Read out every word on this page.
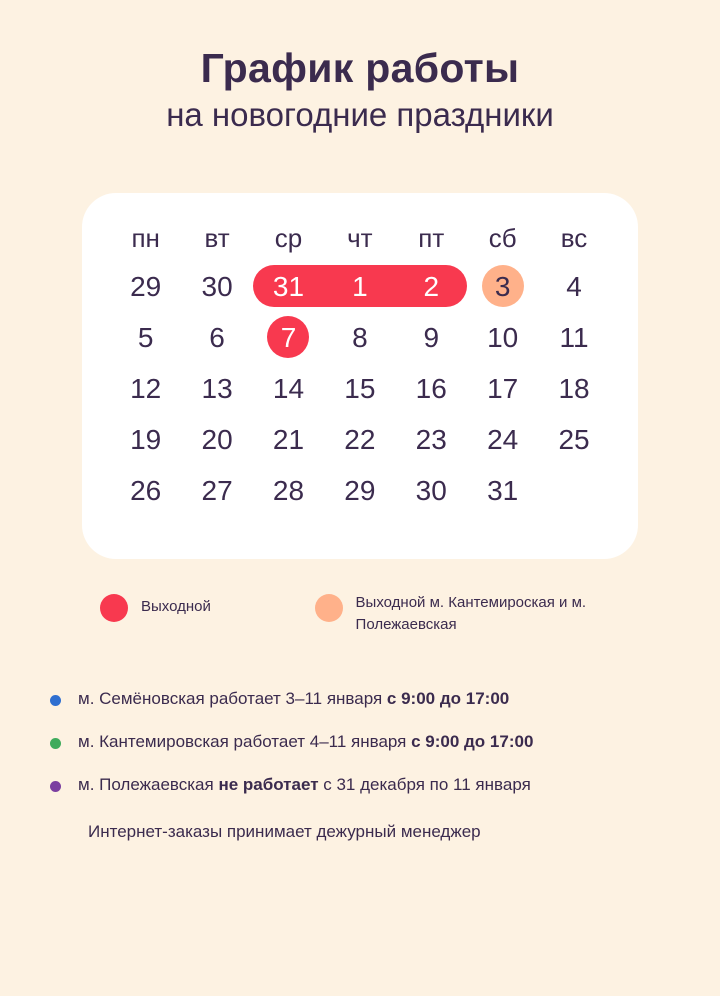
График работы
на новогодние праздники
пн вт ср чт пт сб вс
29 30 31 1 2 3 4
5 6 7 8 9 10 11
12 13 14 15 16 17 18
19 20 21 22 23 24 25
26 27 28 29 30 31
Выходной	Выходной м. Кантемироская и м. Полежаевская
м. Семёновская работает 3–11 января с 9:00 до 17:00
м. Кантемировская работает 4–11 января с 9:00 до 17:00
м. Полежаевская не работает с 31 декабря по 11 января
Интернет-заказы принимает дежурный менеджер
